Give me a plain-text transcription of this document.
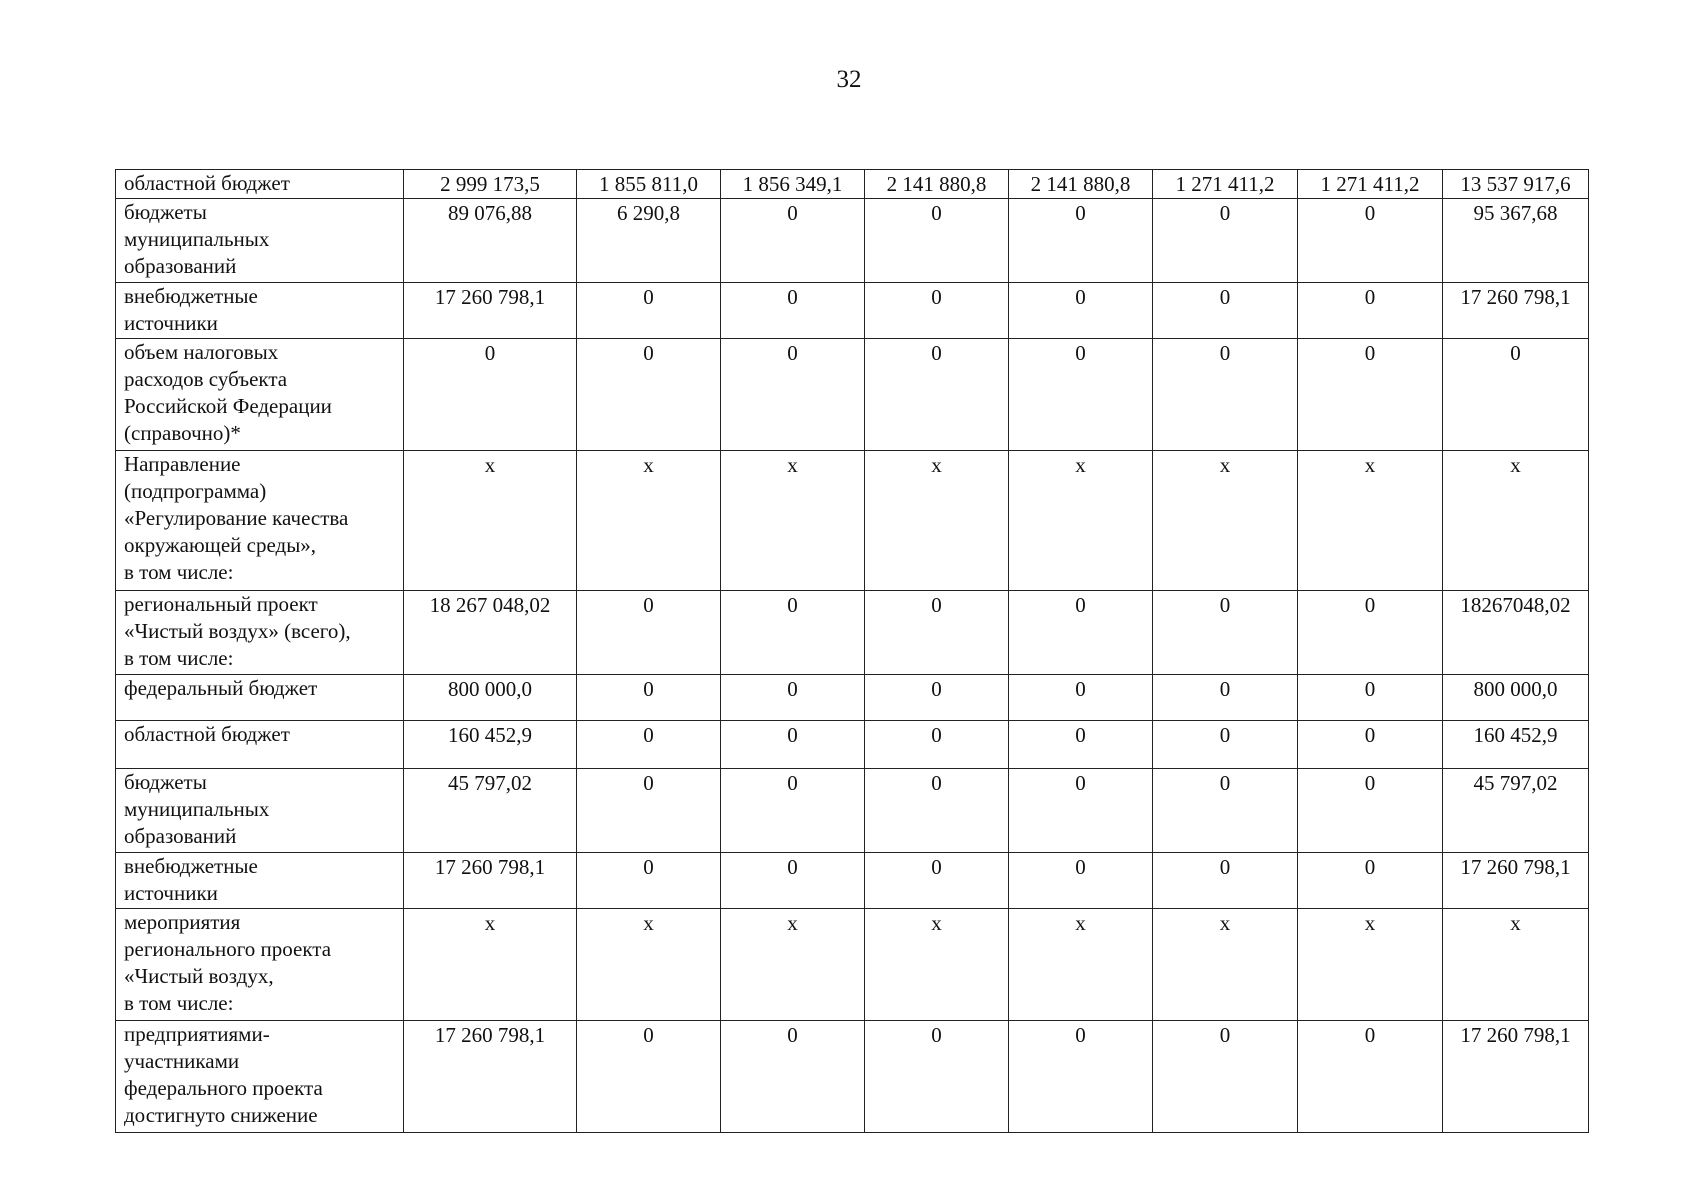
32
областной бюджет	2 999 173,5	1 855 811,0	1 856 349,1	2 141 880,8	2 141 880,8	1 271 411,2	1 271 411,2	13 537 917,6
бюджеты
муниципальных
образований	89 076,88	6 290,8	0	0	0	0	0	95 367,68
внебюджетные
источники	17 260 798,1	0	0	0	0	0	0	17 260 798,1
объем налоговых
расходов субъекта
Российской Федерации
(справочно)*	0	0	0	0	0	0	0	0
Направление
(подпрограмма)
«Регулирование качества
окружающей среды»,
в том числе:	х	х	х	х	х	х	х	х
региональный проект
«Чистый воздух» (всего),
в том числе:	18 267 048,02	0	0	0	0	0	0	18267048,02
федеральный бюджет	800 000,0	0	0	0	0	0	0	800 000,0
областной бюджет	160 452,9	0	0	0	0	0	0	160 452,9
бюджеты
муниципальных
образований	45 797,02	0	0	0	0	0	0	45 797,02
внебюджетные
источники	17 260 798,1	0	0	0	0	0	0	17 260 798,1
мероприятия
регионального проекта
«Чистый воздух,
в том числе:	х	х	х	х	х	х	х	х
предприятиями-
участниками
федерального проекта
достигнуто снижение	17 260 798,1	0	0	0	0	0	0	17 260 798,1
